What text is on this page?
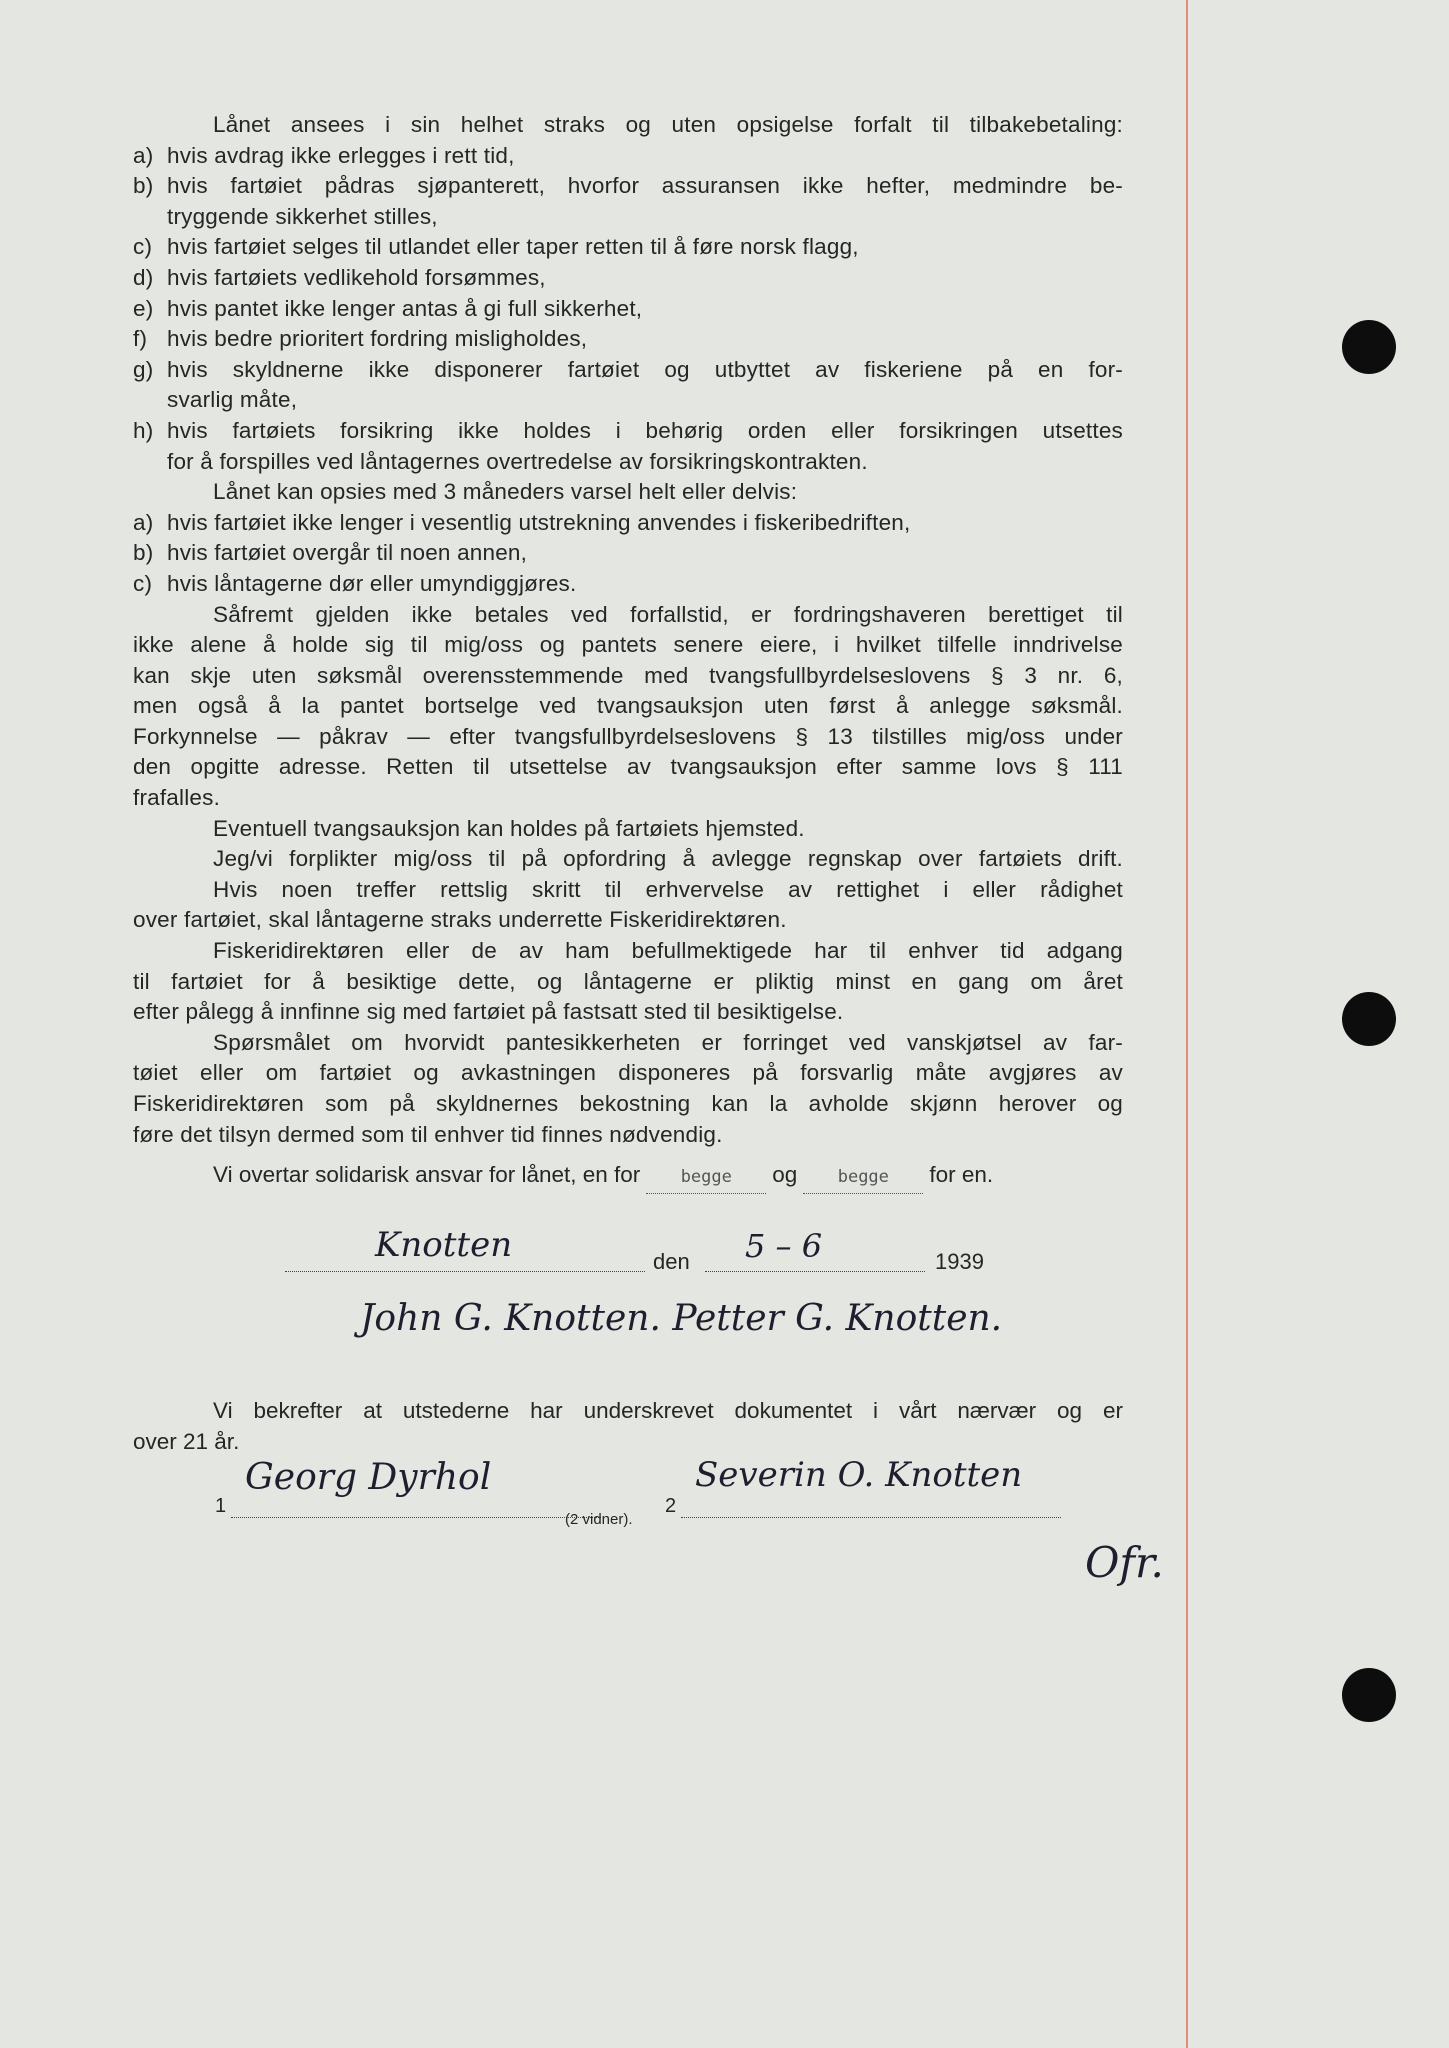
Lånet ansees i sin helhet straks og uten opsigelse forfalt til tilbakebetaling:
a) hvis avdrag ikke erlegges i rett tid,
b) hvis fartøiet pådras sjøpanterett, hvorfor assuransen ikke hefter, medmindre be-
tryggende sikkerhet stilles,
c) hvis fartøiet selges til utlandet eller taper retten til å føre norsk flagg,
d) hvis fartøiets vedlikehold forsømmes,
e) hvis pantet ikke lenger antas å gi full sikkerhet,
f) hvis bedre prioritert fordring misligholdes,
g) hvis skyldnerne ikke disponerer fartøiet og utbyttet av fiskeriene på en for-
svarlig måte,
h) hvis fartøiets forsikring ikke holdes i behørig orden eller forsikringen utsettes
for å forspilles ved låntagernes overtredelse av forsikringskontrakten.
Lånet kan opsies med 3 måneders varsel helt eller delvis:
a) hvis fartøiet ikke lenger i vesentlig utstrekning anvendes i fiskeribedriften,
b) hvis fartøiet overgår til noen annen,
c) hvis låntagerne dør eller umyndiggjøres.
Såfremt gjelden ikke betales ved forfallstid, er fordringshaveren berettiget til
ikke alene å holde sig til mig/oss og pantets senere eiere, i hvilket tilfelle inndrivelse
kan skje uten søksmål overensstemmende med tvangsfullbyrdelseslovens § 3 nr. 6,
men også å la pantet bortselge ved tvangsauksjon uten først å anlegge søksmål.
Forkynnelse — påkrav — efter tvangsfullbyrdelseslovens § 13 tilstilles mig/oss under
den opgitte adresse. Retten til utsettelse av tvangsauksjon efter samme lovs § 111
frafalles.
Eventuell tvangsauksjon kan holdes på fartøiets hjemsted.
Jeg/vi forplikter mig/oss til på opfordring å avlegge regnskap over fartøiets drift.
Hvis noen treffer rettslig skritt til erhvervelse av rettighet i eller rådighet
over fartøiet, skal låntagerne straks underrette Fiskeridirektøren.
Fiskeridirektøren eller de av ham befullmektigede har til enhver tid adgang
til fartøiet for å besiktige dette, og låntagerne er pliktig minst en gang om året
efter pålegg å innfinne sig med fartøiet på fastsatt sted til besiktigelse.
Spørsmålet om hvorvidt pantesikkerheten er forringet ved vanskjøtsel av far-
tøiet eller om fartøiet og avkastningen disponeres på forsvarlig måte avgjøres av
Fiskeridirektøren som på skyldnernes bekostning kan la avholde skjønn herover og
føre det tilsyn dermed som til enhver tid finnes nødvendig.
Vi overtar solidarisk ansvar for lånet, en for	begge	og	begge	for en.
Knotten	den 5 – 6	1939
John G. Knotten. Petter G. Knotten.
Vi bekrefter at utstederne har underskrevet dokumentet i vårt nærvær og er
over 21 år.
1
Georg Dyrhol
(2 vidner).
2
Severin O. Knotten
Ofr.
